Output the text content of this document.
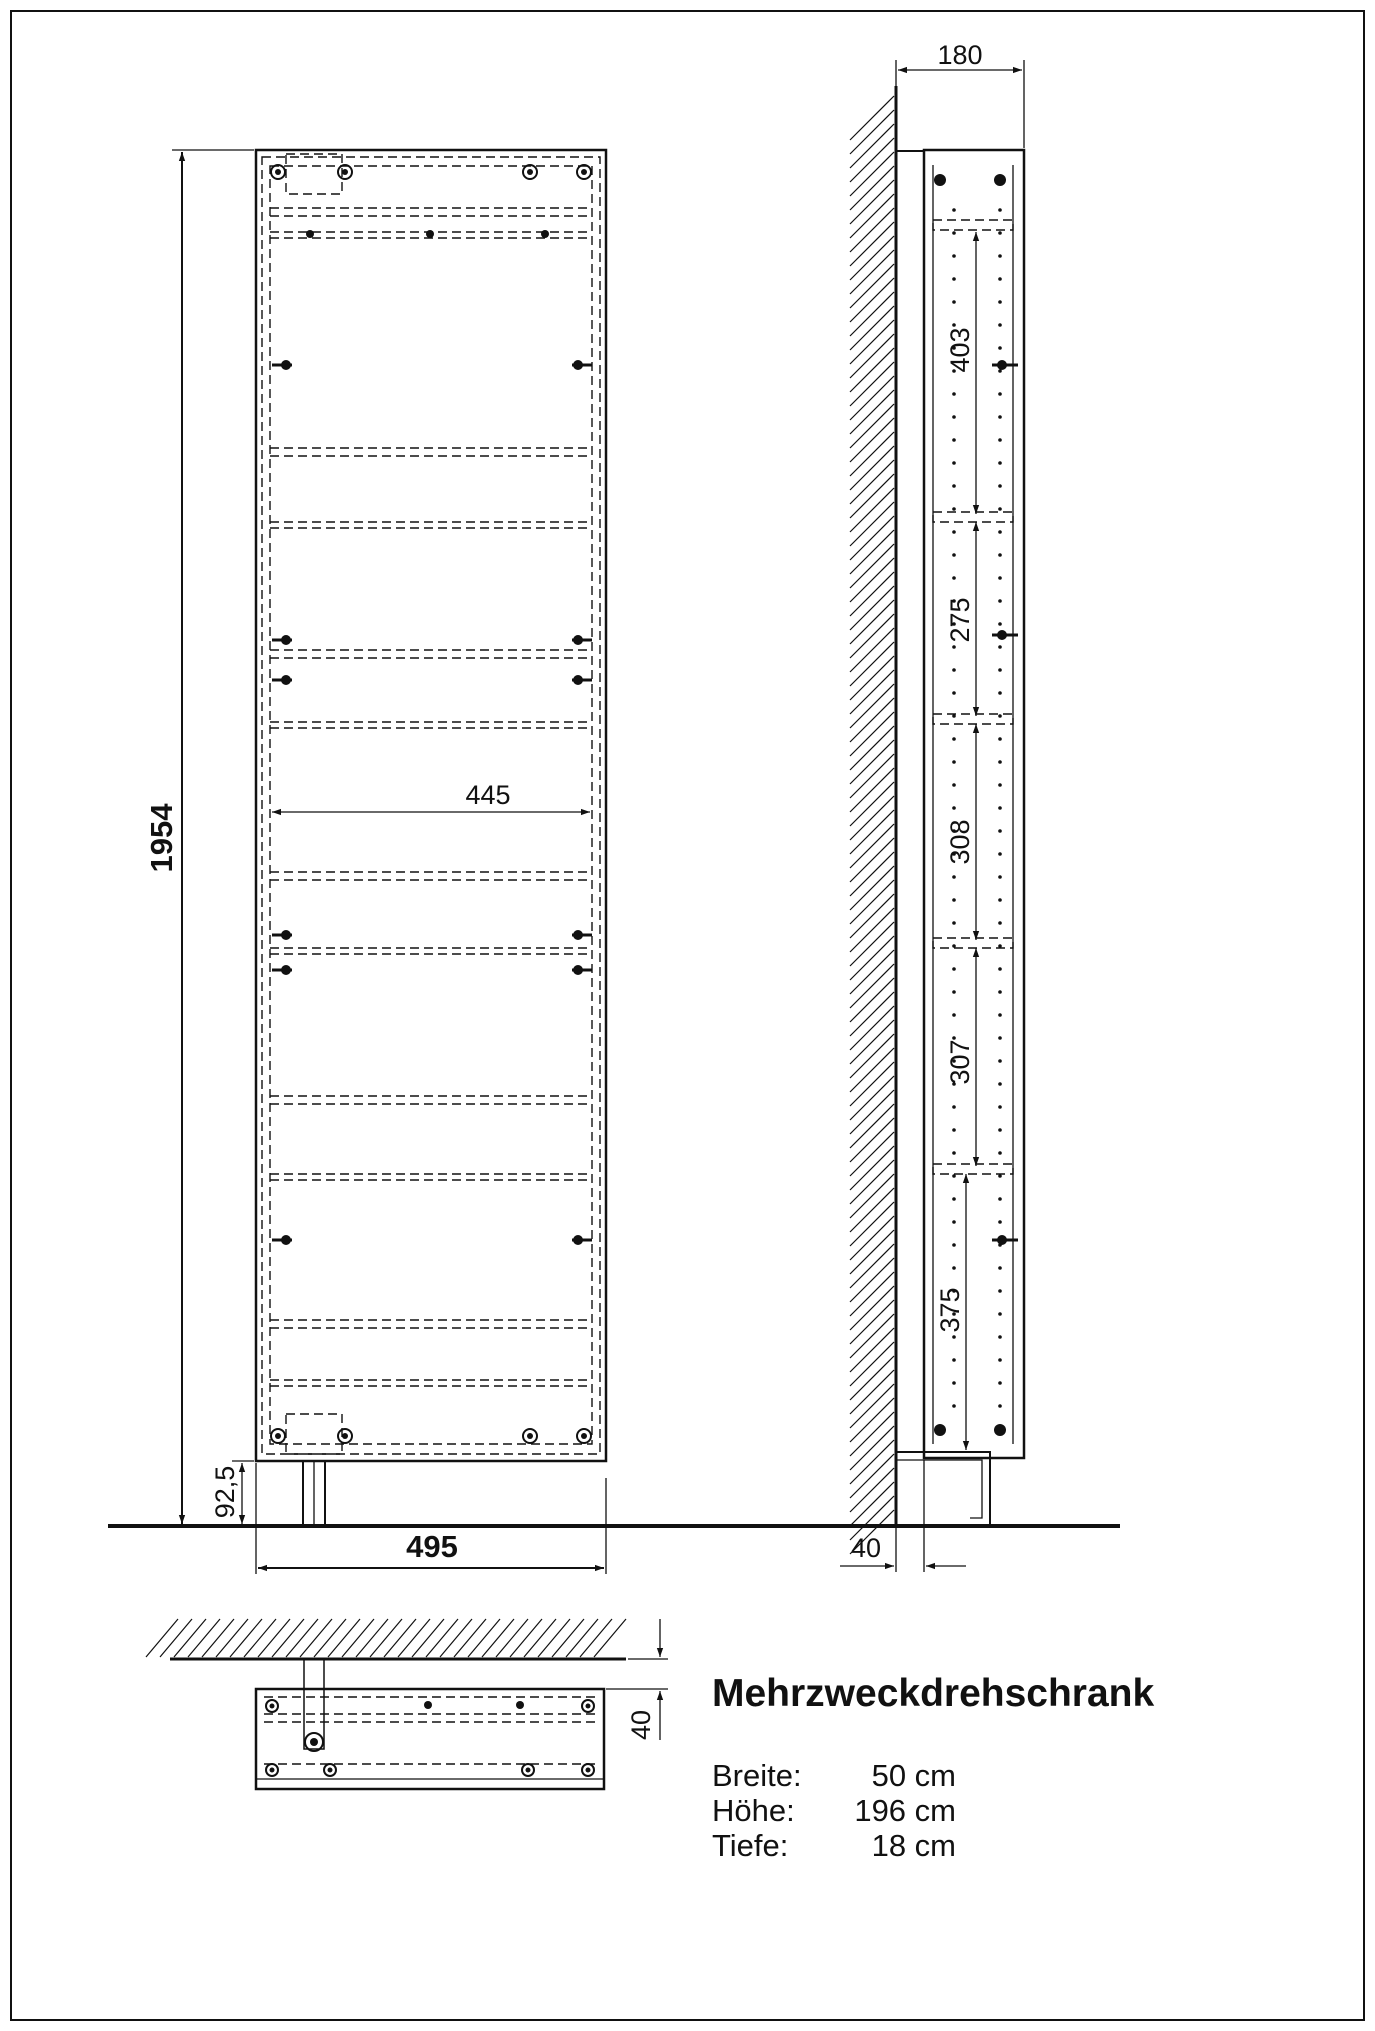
1954
92,5
445
495
180
40
403
275
308
307
375
40
Mehrzweckdrehschrank
Breite: 50 cm
Höhe: 196 cm
Tiefe:	18 cm
